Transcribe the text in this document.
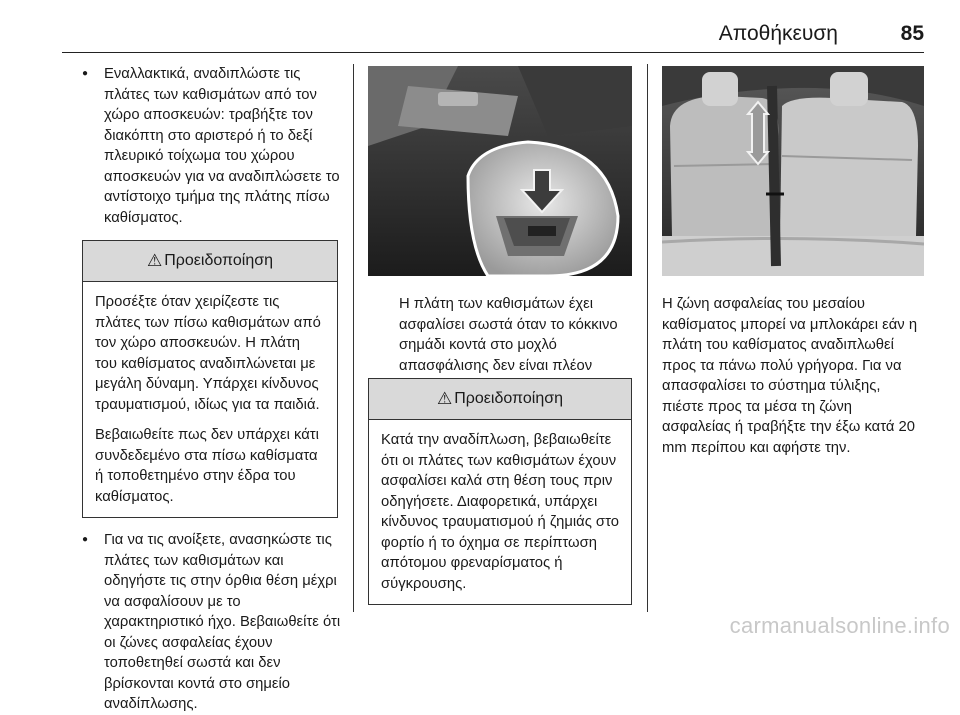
Αποθήκευση	85

● Εναλλακτικά, αναδιπλώστε τις πλάτες των καθισμάτων από τον χώρο αποσκευών: τραβήξτε τον διακόπτη στο αριστερό ή το δεξί πλευρικό τοίχωμα του χώρου αποσκευών για να αναδιπλώσετε το αντίστοιχο τμήμα της πλάτης πίσω καθίσματος.

⚠ Προειδοποίηση

Προσέξτε όταν χειρίζεστε τις πλάτες των πίσω καθισμάτων από τον χώρο αποσκευών. Η πλάτη του καθίσματος αναδιπλώνεται με μεγάλη δύναμη. Υπάρχει κίνδυνος τραυματισμού, ιδίως για τα παιδιά.

Βεβαιωθείτε πως δεν υπάρχει κάτι συνδεδεμένο στα πίσω καθίσματα ή τοποθετημένο στην έδρα του καθίσματος.

● Για να τις ανοίξετε, ανασηκώστε τις πλάτες των καθισμάτων και οδηγήστε τις στην όρθια θέση μέχρι να ασφαλίσουν με το χαρακτηριστικό ήχο. Βεβαιωθείτε ότι οι ζώνες ασφαλείας έχουν τοποθετηθεί σωστά και δεν βρίσκονται κοντά στο σημείο αναδίπλωσης.

Η πλάτη των καθισμάτων έχει ασφαλίσει σωστά όταν το κόκκινο σημάδι κοντά στο μοχλό απασφάλισης δεν είναι πλέον
⚠ Προειδοποίηση

Κατά την αναδίπλωση, βεβαιωθείτε ότι οι πλάτες των καθισμάτων έχουν ασφαλίσει καλά στη θέση τους πριν οδηγήσετε. Διαφορετικά, υπάρχει κίνδυνος τραυματισμού ή ζημιάς στο φορτίο ή το όχημα σε περίπτωση απότομου φρεναρίσματος ή σύγκρουσης.

Η ζώνη ασφαλείας του μεσαίου καθίσματος μπορεί να μπλοκάρει εάν η πλάτη του καθίσματος αναδιπλωθεί προς τα πάνω πολύ γρήγορα. Για να απασφαλίσει το σύστημα τύλιξης, πιέστε προς τα μέσα τη ζώνη ασφαλείας ή τραβήξτε την έξω κατά 20 mm περίπου και αφήστε την.
carmanualsonline.info
